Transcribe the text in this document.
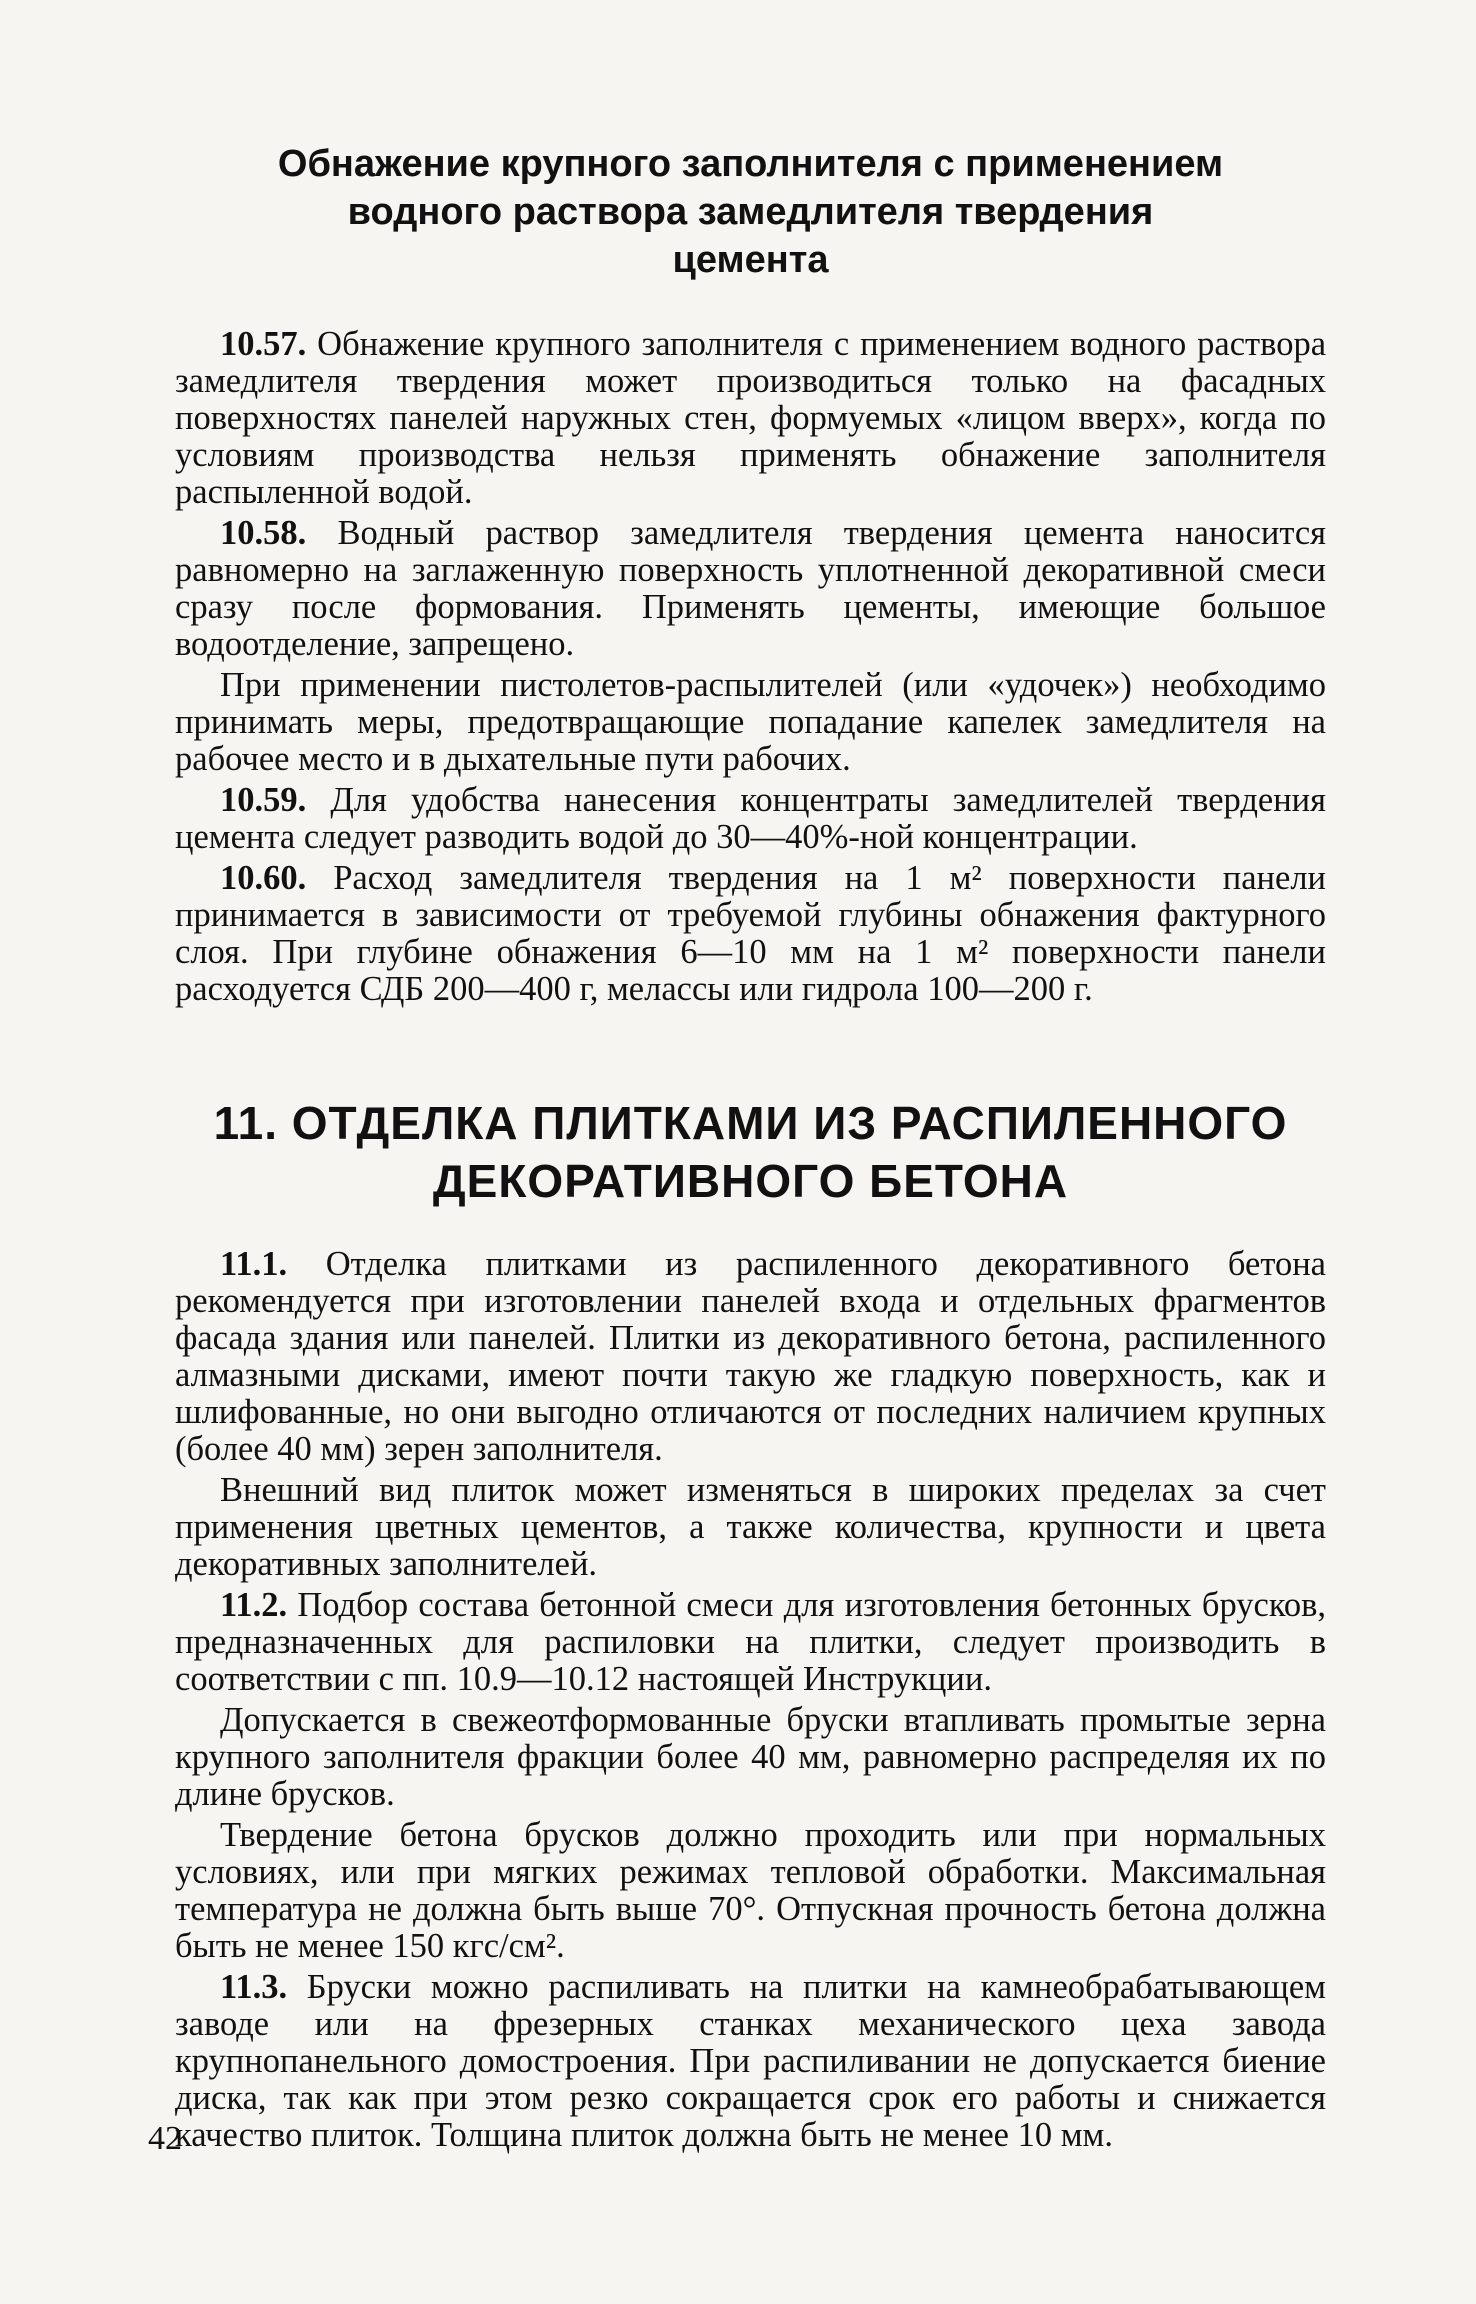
Обнажение крупного заполнителя с применением
водного раствора замедлителя твердения
цемента

10.57. Обнажение крупного заполнителя с применением водного раствора замедлителя твердения может производиться только на фасадных поверхностях панелей наружных стен, формуемых «лицом вверх», когда по условиям производства нельзя применять обнажение заполнителя распыленной водой.

10.58. Водный раствор замедлителя твердения цемента наносится равномерно на заглаженную поверхность уплотненной декоративной смеси сразу после формования. Применять цементы, имеющие большое водоотделение, запрещено.

При применении пистолетов-распылителей (или «удочек») необходимо принимать меры, предотвращающие попадание капелек замедлителя на рабочее место и в дыхательные пути рабочих.

10.59. Для удобства нанесения концентраты замедлителей твердения цемента следует разводить водой до 30—40%-ной концентрации.

10.60. Расход замедлителя твердения на 1 м² поверхности панели принимается в зависимости от требуемой глубины обнажения фактурного слоя. При глубине обнажения 6—10 мм на 1 м² поверхности панели расходуется СДБ 200—400 г, мелассы или гидрола 100—200 г.

11. ОТДЕЛКА ПЛИТКАМИ ИЗ РАСПИЛЕННОГО
ДЕКОРАТИВНОГО БЕТОНА

11.1. Отделка плитками из распиленного декоративного бетона рекомендуется при изготовлении панелей входа и отдельных фрагментов фасада здания или панелей. Плитки из декоративного бетона, распиленного алмазными дисками, имеют почти такую же гладкую поверхность, как и шлифованные, но они выгодно отличаются от последних наличием крупных (более 40 мм) зерен заполнителя.

Внешний вид плиток может изменяться в широких пределах за счет применения цветных цементов, а также количества, крупности и цвета декоративных заполнителей.

11.2. Подбор состава бетонной смеси для изготовления бетонных брусков, предназначенных для распиловки на плитки, следует производить в соответствии с пп. 10.9—10.12 настоящей Инструкции.

Допускается в свежеотформованные бруски втапливать промытые зерна крупного заполнителя фракции более 40 мм, равномерно распределяя их по длине брусков.

Твердение бетона брусков должно проходить или при нормальных условиях, или при мягких режимах тепловой обработки. Максимальная температура не должна быть выше 70°. Отпускная прочность бетона должна быть не менее 150 кгс/см².

11.3. Бруски можно распиливать на плитки на камнеобрабатывающем заводе или на фрезерных станках механического цеха завода крупнопанельного домостроения. При распиливании не допускается биение диска, так как при этом резко сокращается срок его работы и снижается качество плиток. Толщина плиток должна быть не менее 10 мм.

42
